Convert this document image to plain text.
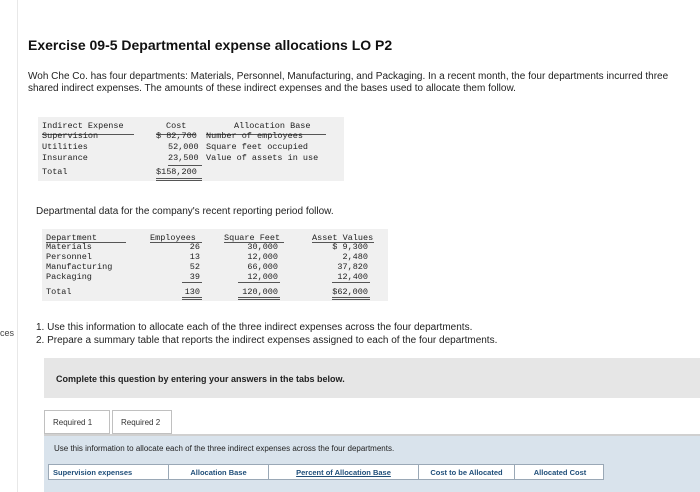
ces
Exercise 09-5 Departmental expense allocations LO P2
Woh Che Co. has four departments: Materials, Personnel, Manufacturing, and Packaging. In a recent month, the four departments incurred three shared indirect expenses. The amounts of these indirect expenses and the bases used to allocate them follow.
Indirect Expense	Cost	Allocation Base
Supervision	$ 82,700 Number of employees
Utilities	52,000 Square feet occupied
Insurance	23,500 Value of assets in use
Total	$158,200
Departmental data for the company's recent reporting period follow.
Department	Employees	Square Feet	Asset Values
Materials	26	30,000	$ 9,300
Personnel	13	12,000	2,480
Manufacturing	52	66,000	37,820
Packaging	39	12,000	12,400
Total	130	120,000	$62,000
1. Use this information to allocate each of the three indirect expenses across the four departments.
2. Prepare a summary table that reports the indirect expenses assigned to each of the four departments.
Complete this question by entering your answers in the tabs below.
Required 1	Required 2
Use this information to allocate each of the three indirect expenses across the four departments.
Supervision expenses	Allocation Base	Percent of Allocation Base	Cost to be Allocated	Allocated Cost
